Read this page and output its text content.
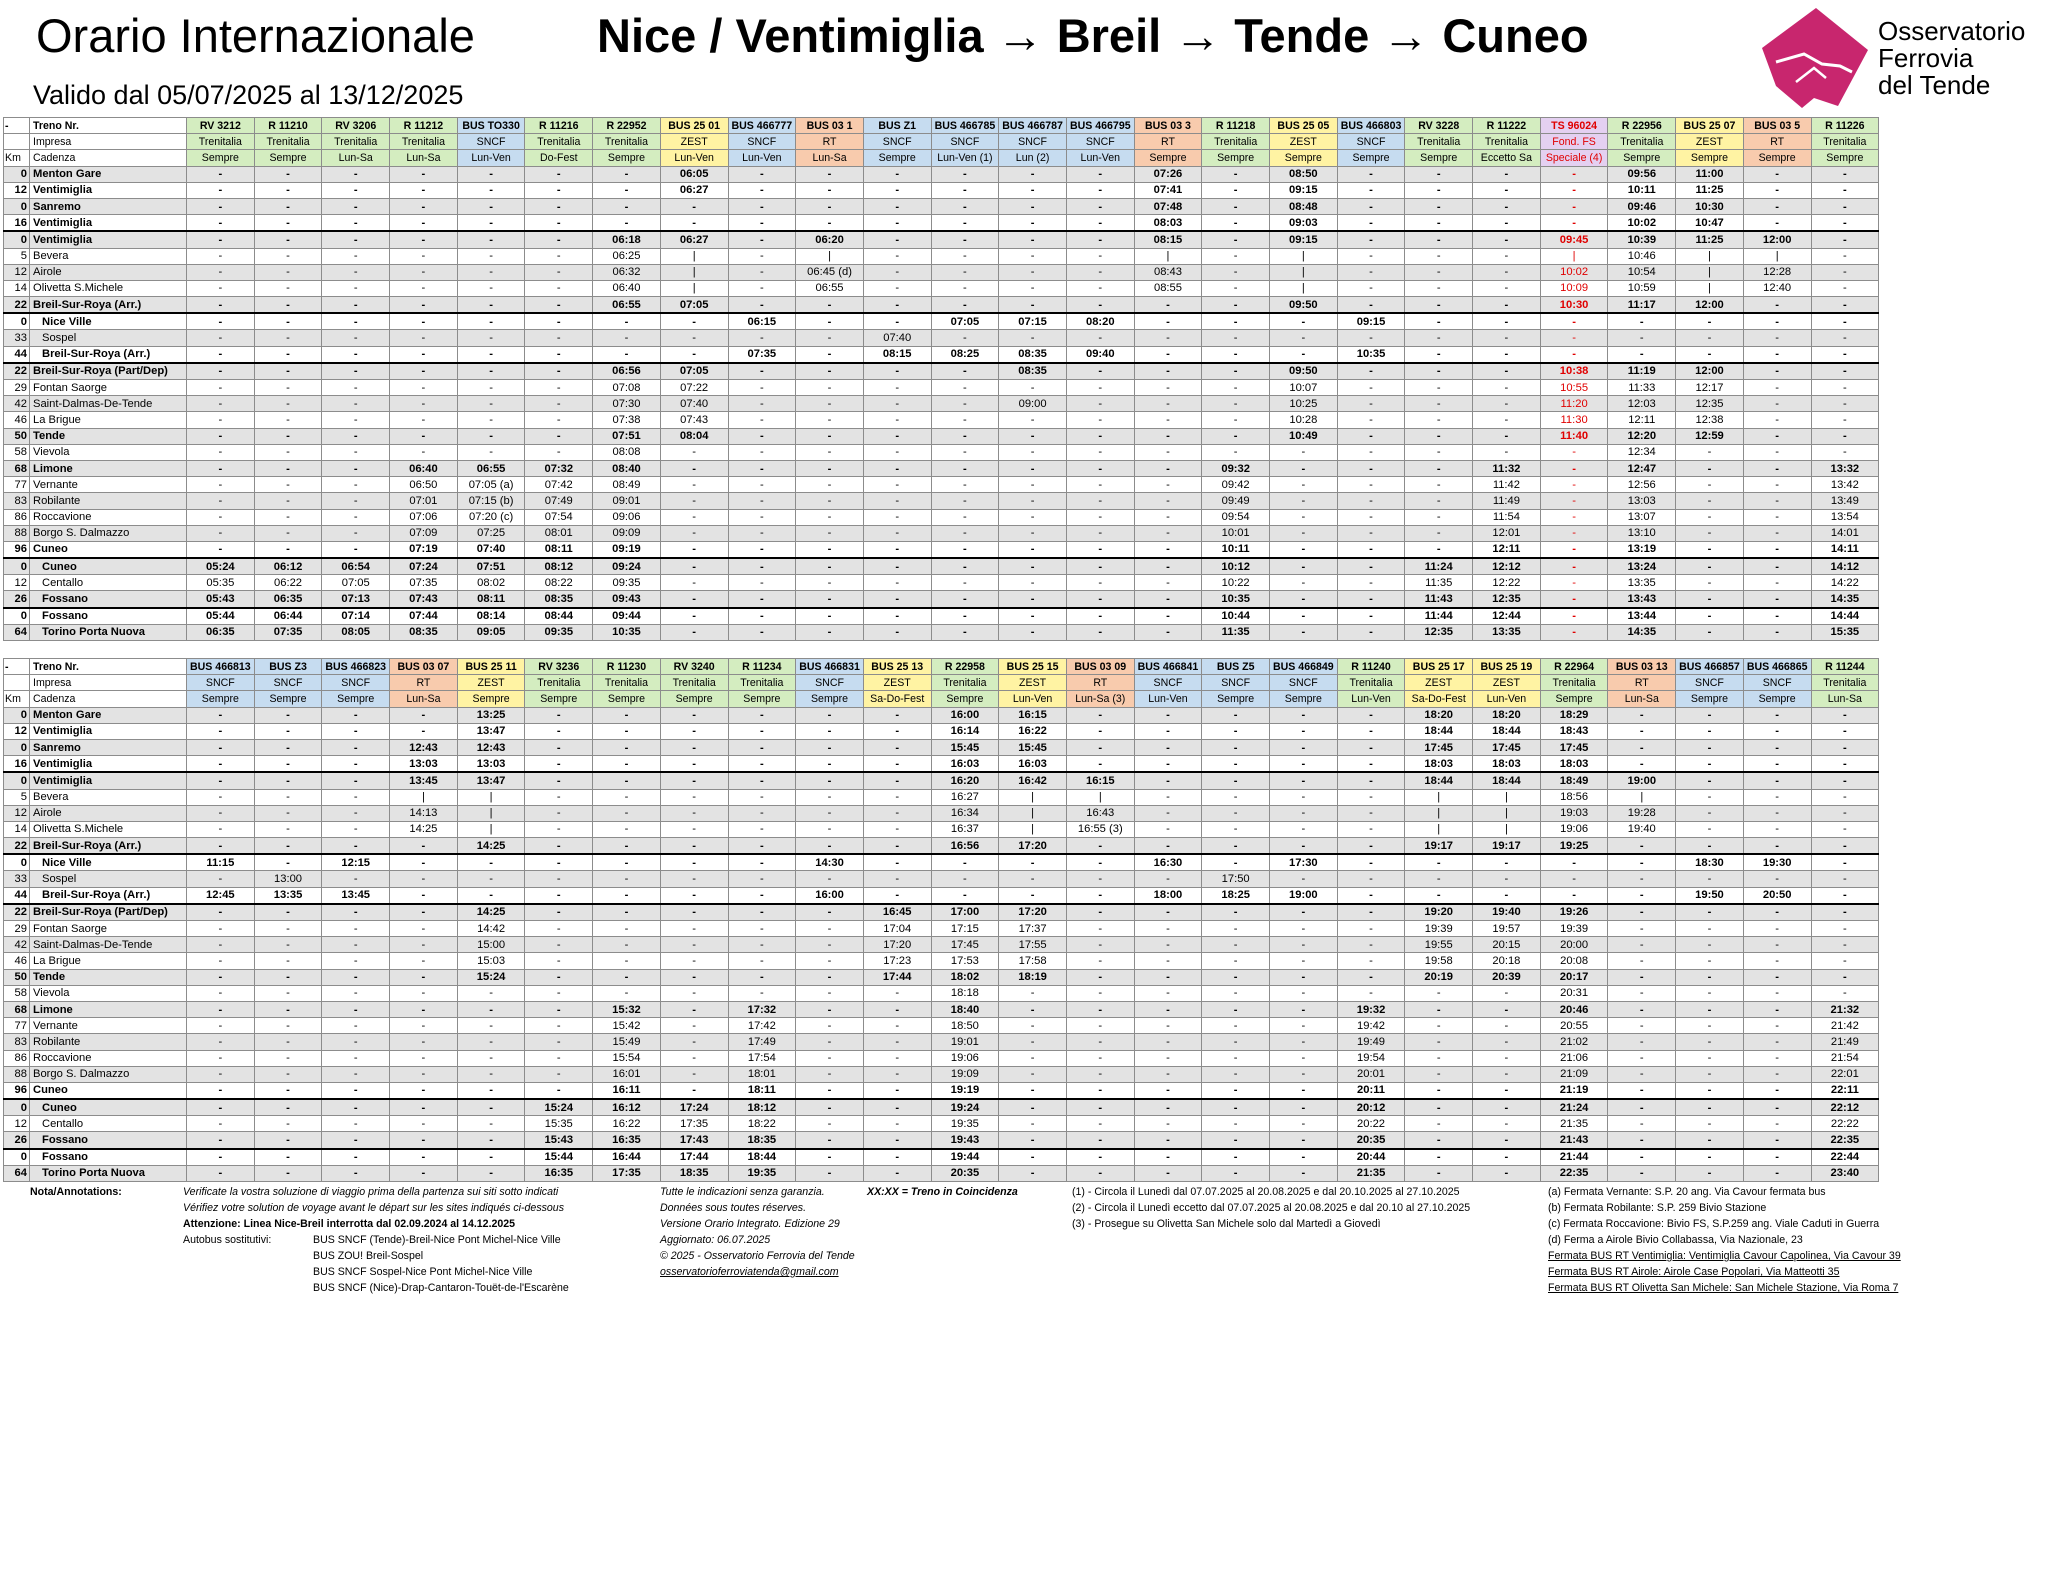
Orario Internazionale	Nice / Ventimiglia → Breil → Tende → Cuneo
Valido dal 05/07/2025 al 13/12/2025
Osservatorio
Ferrovia
del Tende
-	Treno Nr.	RV 3212	R 11210	RV 3206	R 11212	BUS TO330	R 11216	R 22952	BUS 25 01	BUS 466777	BUS 03 1	BUS Z1	BUS 466785	BUS 466787	BUS 466795	BUS 03 3	R 11218	BUS 25 05	BUS 466803	RV 3228	R 11222	TS 96024	R 22956	BUS 25 07	BUS 03 5	R 11226
	Impresa	Trenitalia	Trenitalia	Trenitalia	Trenitalia	SNCF	Trenitalia	Trenitalia	ZEST	SNCF	RT	SNCF	SNCF	SNCF	SNCF	RT	Trenitalia	ZEST	SNCF	Trenitalia	Trenitalia	Fond. FS	Trenitalia	ZEST	RT	Trenitalia
Km	Cadenza	Sempre	Sempre	Lun-Sa	Lun-Sa	Lun-Ven	Do-Fest	Sempre	Lun-Ven	Lun-Ven	Lun-Sa	Sempre	Lun-Ven (1)	Lun (2)	Lun-Ven	Sempre	Sempre	Sempre	Sempre	Sempre	Eccetto Sa	Speciale (4)	Sempre	Sempre	Sempre	Sempre
0	Menton Gare	-	-	-	-	-	-	-	06:05	-	-	-	-	-	-	07:26	-	08:50	-	-	-	-	09:56	11:00	-	-
12	Ventimiglia	-	-	-	-	-	-	-	06:27	-	-	-	-	-	-	07:41	-	09:15	-	-	-	-	10:11	11:25	-	-
0	Sanremo	-	-	-	-	-	-	-	-	-	-	-	-	-	-	07:48	-	08:48	-	-	-	-	09:46	10:30	-	-
16	Ventimiglia	-	-	-	-	-	-	-	-	-	-	-	-	-	-	08:03	-	09:03	-	-	-	-	10:02	10:47	-	-
0	Ventimiglia	-	-	-	-	-	-	06:18	06:27	-	06:20	-	-	-	-	08:15	-	09:15	-	-	-	09:45	10:39	11:25	12:00	-
5	Bevera	-	-	-	-	-	-	06:25	|	-	|	-	-	-	-	|	-	|	-	-	-	|	10:46	|	|	-
12	Airole	-	-	-	-	-	-	06:32	|	-	06:45 (d)	-	-	-	-	08:43	-	|	-	-	-	10:02	10:54	|	12:28	-
14	Olivetta S.Michele	-	-	-	-	-	-	06:40	|	-	06:55	-	-	-	-	08:55	-	|	-	-	-	10:09	10:59	|	12:40	-
22	Breil-Sur-Roya (Arr.)	-	-	-	-	-	-	06:55	07:05	-	-	-	-	-	-	-	-	09:50	-	-	-	10:30	11:17	12:00	-	-
0	Nice Ville	-	-	-	-	-	-	-	-	06:15	-	-	07:05	07:15	08:20	-	-	-	09:15	-	-	-	-	-	-	-
33	Sospel	-	-	-	-	-	-	-	-	-	-	07:40	-	-	-	-	-	-	-	-	-	-	-	-	-	-
44	Breil-Sur-Roya (Arr.)	-	-	-	-	-	-	-	-	07:35	-	08:15	08:25	08:35	09:40	-	-	-	10:35	-	-	-	-	-	-	-
22	Breil-Sur-Roya (Part/Dep)	-	-	-	-	-	-	06:56	07:05	-	-	-	-	08:35	-	-	-	09:50	-	-	-	10:38	11:19	12:00	-	-
29	Fontan Saorge	-	-	-	-	-	-	07:08	07:22	-	-	-	-	-	-	-	-	10:07	-	-	-	10:55	11:33	12:17	-	-
42	Saint-Dalmas-De-Tende	-	-	-	-	-	-	07:30	07:40	-	-	-	-	09:00	-	-	-	10:25	-	-	-	11:20	12:03	12:35	-	-
46	La Brigue	-	-	-	-	-	-	07:38	07:43	-	-	-	-	-	-	-	-	10:28	-	-	-	11:30	12:11	12:38	-	-
50	Tende	-	-	-	-	-	-	07:51	08:04	-	-	-	-	-	-	-	-	10:49	-	-	-	11:40	12:20	12:59	-	-
58	Vievola	-	-	-	-	-	-	08:08	-	-	-	-	-	-	-	-	-	-	-	-	-	-	12:34	-	-	-
68	Limone	-	-	-	06:40	06:55	07:32	08:40	-	-	-	-	-	-	-	-	09:32	-	-	-	11:32	-	12:47	-	-	13:32
77	Vernante	-	-	-	06:50	07:05 (a)	07:42	08:49	-	-	-	-	-	-	-	-	09:42	-	-	-	11:42	-	12:56	-	-	13:42
83	Robilante	-	-	-	07:01	07:15 (b)	07:49	09:01	-	-	-	-	-	-	-	-	09:49	-	-	-	11:49	-	13:03	-	-	13:49
86	Roccavione	-	-	-	07:06	07:20 (c)	07:54	09:06	-	-	-	-	-	-	-	-	09:54	-	-	-	11:54	-	13:07	-	-	13:54
88	Borgo S. Dalmazzo	-	-	-	07:09	07:25	08:01	09:09	-	-	-	-	-	-	-	-	10:01	-	-	-	12:01	-	13:10	-	-	14:01
96	Cuneo	-	-	-	07:19	07:40	08:11	09:19	-	-	-	-	-	-	-	-	10:11	-	-	-	12:11	-	13:19	-	-	14:11
0	Cuneo	05:24	06:12	06:54	07:24	07:51	08:12	09:24	-	-	-	-	-	-	-	-	10:12	-	-	11:24	12:12	-	13:24	-	-	14:12
12	Centallo	05:35	06:22	07:05	07:35	08:02	08:22	09:35	-	-	-	-	-	-	-	-	10:22	-	-	11:35	12:22	-	13:35	-	-	14:22
26	Fossano	05:43	06:35	07:13	07:43	08:11	08:35	09:43	-	-	-	-	-	-	-	-	10:35	-	-	11:43	12:35	-	13:43	-	-	14:35
0	Fossano	05:44	06:44	07:14	07:44	08:14	08:44	09:44	-	-	-	-	-	-	-	-	10:44	-	-	11:44	12:44	-	13:44	-	-	14:44
64	Torino Porta Nuova	06:35	07:35	08:05	08:35	09:05	09:35	10:35	-	-	-	-	-	-	-	-	11:35	-	-	12:35	13:35	-	14:35	-	-	15:35
-	Treno Nr.	BUS 466813	BUS Z3	BUS 466823	BUS 03 07	BUS 25 11	RV 3236	R 11230	RV 3240	R 11234	BUS 466831	BUS 25 13	R 22958	BUS 25 15	BUS 03 09	BUS 466841	BUS Z5	BUS 466849	R 11240	BUS 25 17	BUS 25 19	R 22964	BUS 03 13	BUS 466857	BUS 466865	R 11244
	Impresa	SNCF	SNCF	SNCF	RT	ZEST	Trenitalia	Trenitalia	Trenitalia	Trenitalia	SNCF	ZEST	Trenitalia	ZEST	RT	SNCF	SNCF	SNCF	Trenitalia	ZEST	ZEST	Trenitalia	RT	SNCF	SNCF	Trenitalia
Km	Cadenza	Sempre	Sempre	Sempre	Lun-Sa	Sempre	Sempre	Sempre	Sempre	Sempre	Sempre	Sa-Do-Fest	Sempre	Lun-Ven	Lun-Sa (3)	Lun-Ven	Sempre	Sempre	Lun-Ven	Sa-Do-Fest	Lun-Ven	Sempre	Lun-Sa	Sempre	Sempre	Lun-Sa
0	Menton Gare	-	-	-	-	13:25	-	-	-	-	-	-	16:00	16:15	-	-	-	-	-	18:20	18:20	18:29	-	-	-	-
12	Ventimiglia	-	-	-	-	13:47	-	-	-	-	-	-	16:14	16:22	-	-	-	-	-	18:44	18:44	18:43	-	-	-	-
0	Sanremo	-	-	-	12:43	12:43	-	-	-	-	-	-	15:45	15:45	-	-	-	-	-	17:45	17:45	17:45	-	-	-	-
16	Ventimiglia	-	-	-	13:03	13:03	-	-	-	-	-	-	16:03	16:03	-	-	-	-	-	18:03	18:03	18:03	-	-	-	-
0	Ventimiglia	-	-	-	13:45	13:47	-	-	-	-	-	-	16:20	16:42	16:15	-	-	-	-	18:44	18:44	18:49	19:00	-	-	-
5	Bevera	-	-	-	|	|	-	-	-	-	-	-	16:27	|	|	-	-	-	-	|	|	18:56	|	-	-	-
12	Airole	-	-	-	14:13	|	-	-	-	-	-	-	16:34	|	16:43	-	-	-	-	|	|	19:03	19:28	-	-	-
14	Olivetta S.Michele	-	-	-	14:25	|	-	-	-	-	-	-	16:37	|	16:55 (3)	-	-	-	-	|	|	19:06	19:40	-	-	-
22	Breil-Sur-Roya (Arr.)	-	-	-	-	14:25	-	-	-	-	-	-	16:56	17:20	-	-	-	-	-	19:17	19:17	19:25	-	-	-	-
0	Nice Ville	11:15	-	12:15	-	-	-	-	-	-	14:30	-	-	-	-	16:30	-	17:30	-	-	-	-	-	18:30	19:30	-
33	Sospel	-	13:00	-	-	-	-	-	-	-	-	-	-	-	-	-	17:50	-	-	-	-	-	-	-	-	-
44	Breil-Sur-Roya (Arr.)	12:45	13:35	13:45	-	-	-	-	-	-	16:00	-	-	-	-	18:00	18:25	19:00	-	-	-	-	-	19:50	20:50	-
22	Breil-Sur-Roya (Part/Dep)	-	-	-	-	14:25	-	-	-	-	-	16:45	17:00	17:20	-	-	-	-	-	19:20	19:40	19:26	-	-	-	-
29	Fontan Saorge	-	-	-	-	14:42	-	-	-	-	-	17:04	17:15	17:37	-	-	-	-	-	19:39	19:57	19:39	-	-	-	-
42	Saint-Dalmas-De-Tende	-	-	-	-	15:00	-	-	-	-	-	17:20	17:45	17:55	-	-	-	-	-	19:55	20:15	20:00	-	-	-	-
46	La Brigue	-	-	-	-	15:03	-	-	-	-	-	17:23	17:53	17:58	-	-	-	-	-	19:58	20:18	20:08	-	-	-	-
50	Tende	-	-	-	-	15:24	-	-	-	-	-	17:44	18:02	18:19	-	-	-	-	-	20:19	20:39	20:17	-	-	-	-
58	Vievola	-	-	-	-	-	-	-	-	-	-	-	18:18	-	-	-	-	-	-	-	-	20:31	-	-	-	-
68	Limone	-	-	-	-	-	-	15:32	-	17:32	-	-	18:40	-	-	-	-	-	19:32	-	-	20:46	-	-	-	21:32
77	Vernante	-	-	-	-	-	-	15:42	-	17:42	-	-	18:50	-	-	-	-	-	19:42	-	-	20:55	-	-	-	21:42
83	Robilante	-	-	-	-	-	-	15:49	-	17:49	-	-	19:01	-	-	-	-	-	19:49	-	-	21:02	-	-	-	21:49
86	Roccavione	-	-	-	-	-	-	15:54	-	17:54	-	-	19:06	-	-	-	-	-	19:54	-	-	21:06	-	-	-	21:54
88	Borgo S. Dalmazzo	-	-	-	-	-	-	16:01	-	18:01	-	-	19:09	-	-	-	-	-	20:01	-	-	21:09	-	-	-	22:01
96	Cuneo	-	-	-	-	-	-	16:11	-	18:11	-	-	19:19	-	-	-	-	-	20:11	-	-	21:19	-	-	-	22:11
0	Cuneo	-	-	-	-	-	15:24	16:12	17:24	18:12	-	-	19:24	-	-	-	-	-	20:12	-	-	21:24	-	-	-	22:12
12	Centallo	-	-	-	-	-	15:35	16:22	17:35	18:22	-	-	19:35	-	-	-	-	-	20:22	-	-	21:35	-	-	-	22:22
26	Fossano	-	-	-	-	-	15:43	16:35	17:43	18:35	-	-	19:43	-	-	-	-	-	20:35	-	-	21:43	-	-	-	22:35
0	Fossano	-	-	-	-	-	15:44	16:44	17:44	18:44	-	-	19:44	-	-	-	-	-	20:44	-	-	21:44	-	-	-	22:44
64	Torino Porta Nuova	-	-	-	-	-	16:35	17:35	18:35	19:35	-	-	20:35	-	-	-	-	-	21:35	-	-	22:35	-	-	-	23:40
Nota/Annotations:	Verificate la vostra soluzione di viaggio prima della partenza sui siti sotto indicati
Vérifiez votre solution de voyage avant le départ sur les sites indiqués ci-dessous
Attenzione: Linea Nice-Breil interrotta dal 02.09.2024 al 14.12.2025
Autobus sostitutivi:	BUS SNCF (Tende)-Breil-Nice Pont Michel-Nice Ville
BUS ZOU! Breil-Sospel
BUS SNCF Sospel-Nice Pont Michel-Nice Ville
BUS SNCF (Nice)-Drap-Cantaron-Touët-de-l'Escarène
Tutte le indicazioni senza garanzia.
Données sous toutes réserves.
Versione Orario Integrato. Edizione 29
Aggiornato: 06.07.2025
© 2025 - Osservatorio Ferrovia del Tende
osservatorioferroviatenda@gmail.com
XX:XX = Treno in Coincidenza	(1) - Circola il Lunedì dal 07.07.2025 al 20.08.2025 e dal 20.10.2025 al 27.10.2025
(2) - Circola il Lunedì eccetto dal 07.07.2025 al 20.08.2025 e dal 20.10 al 27.10.2025
(3) - Prosegue su Olivetta San Michele solo dal Martedì a Giovedì
(a) Fermata Vernante: S.P. 20 ang. Via Cavour fermata bus
(b) Fermata Robilante: S.P. 259 Bivio Stazione
(c) Fermata Roccavione: Bivio FS, S.P.259 ang. Viale Caduti in Guerra
(d) Ferma a Airole Bivio Collabassa, Via Nazionale, 23
Fermata BUS RT Ventimiglia: Ventimiglia Cavour Capolinea, Via Cavour 39
Fermata BUS RT Airole: Airole Case Popolari, Via Matteotti 35
Fermata BUS RT Olivetta San Michele: San Michele Stazione, Via Roma 7
